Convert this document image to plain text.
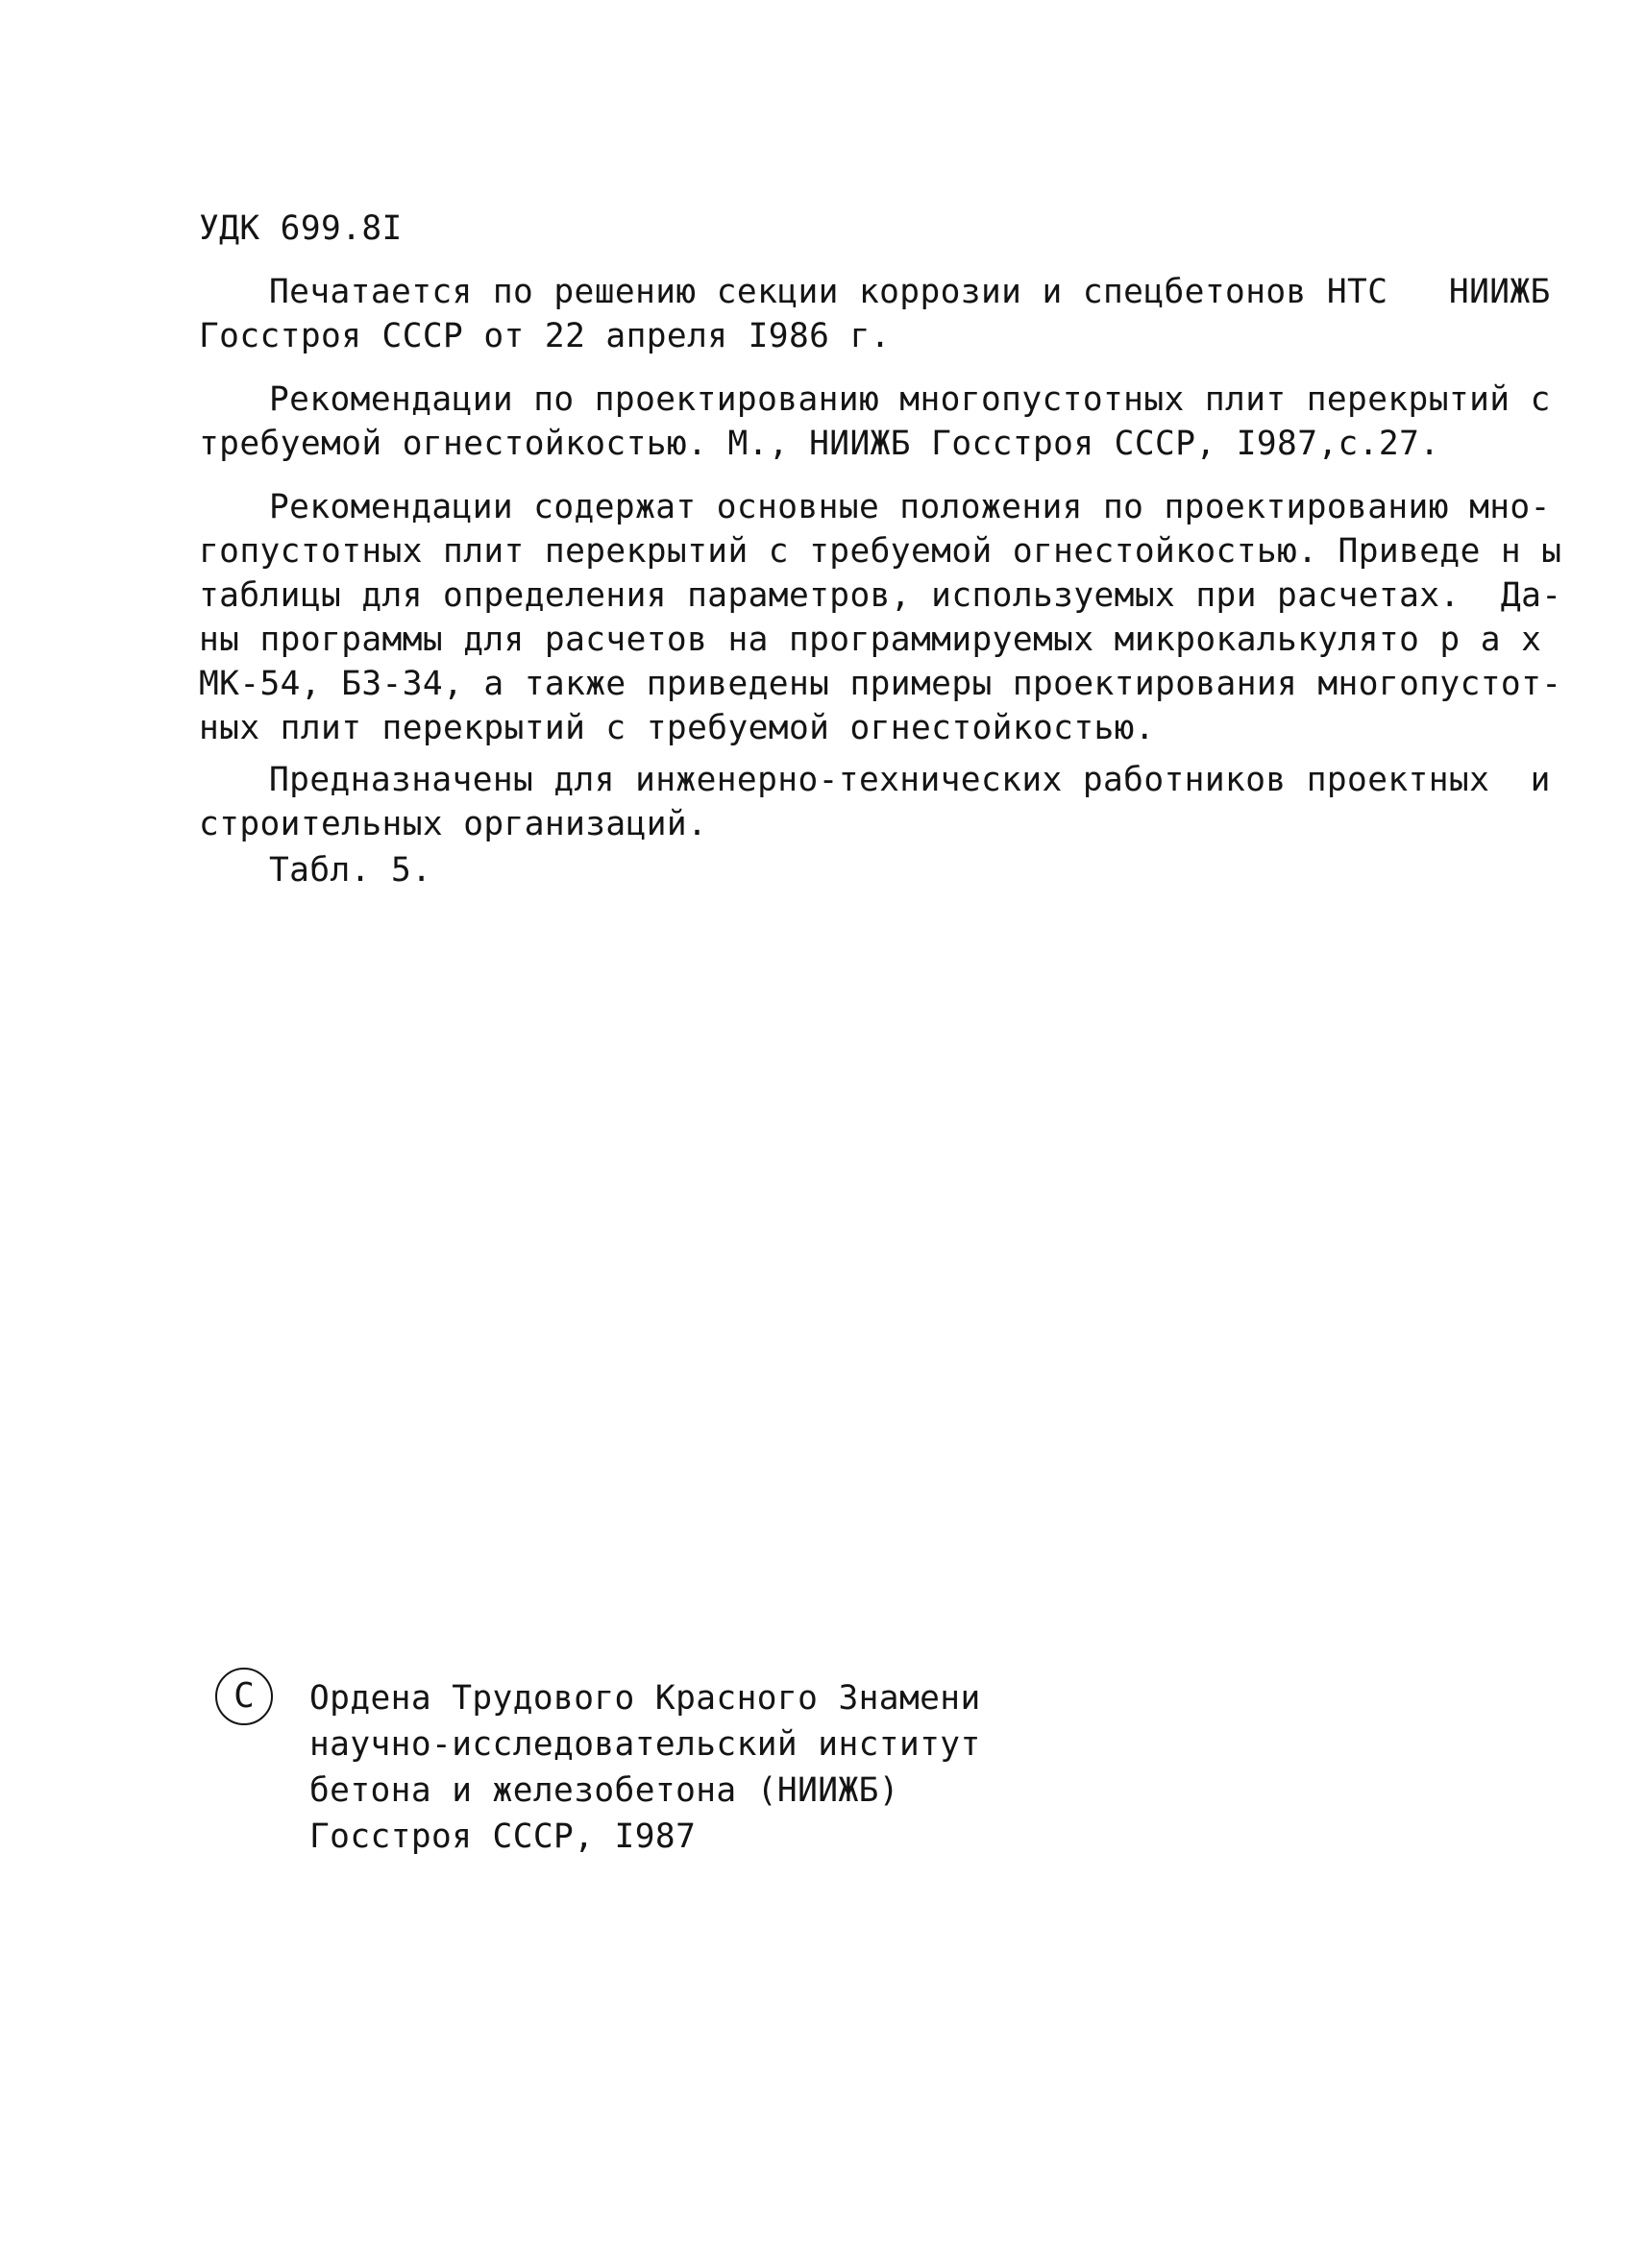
УДК 699.8I
Печатается по решению секции коррозии и спецбетонов НТС   НИИЖБ
Госстроя СССР от 22 апреля I986 г.
Рекомендации по проектированию многопустотных плит перекрытий с
требуемой огнестойкостью. М., НИИЖБ Госстроя СССР, I987,с.27.
Рекомендации содержат основные положения по проектированию мно-
гопустотных плит перекрытий с требуемой огнестойкостью. Приведе н ы
таблицы для определения параметров, используемых при расчетах.  Да-
ны программы для расчетов на программируемых микрокалькулято р а х
МК-54, БЗ-34, а также приведены примеры проектирования многопустот-
ных плит перекрытий с требуемой огнестойкостью.
Предназначены для инженерно-технических работников проектных  и
строительных организаций.
Табл. 5.
С	Ордена Трудового Красного Знамени
научно-исследовательский институт
бетона и железобетона (НИИЖБ)
Госстроя СССР, I987
